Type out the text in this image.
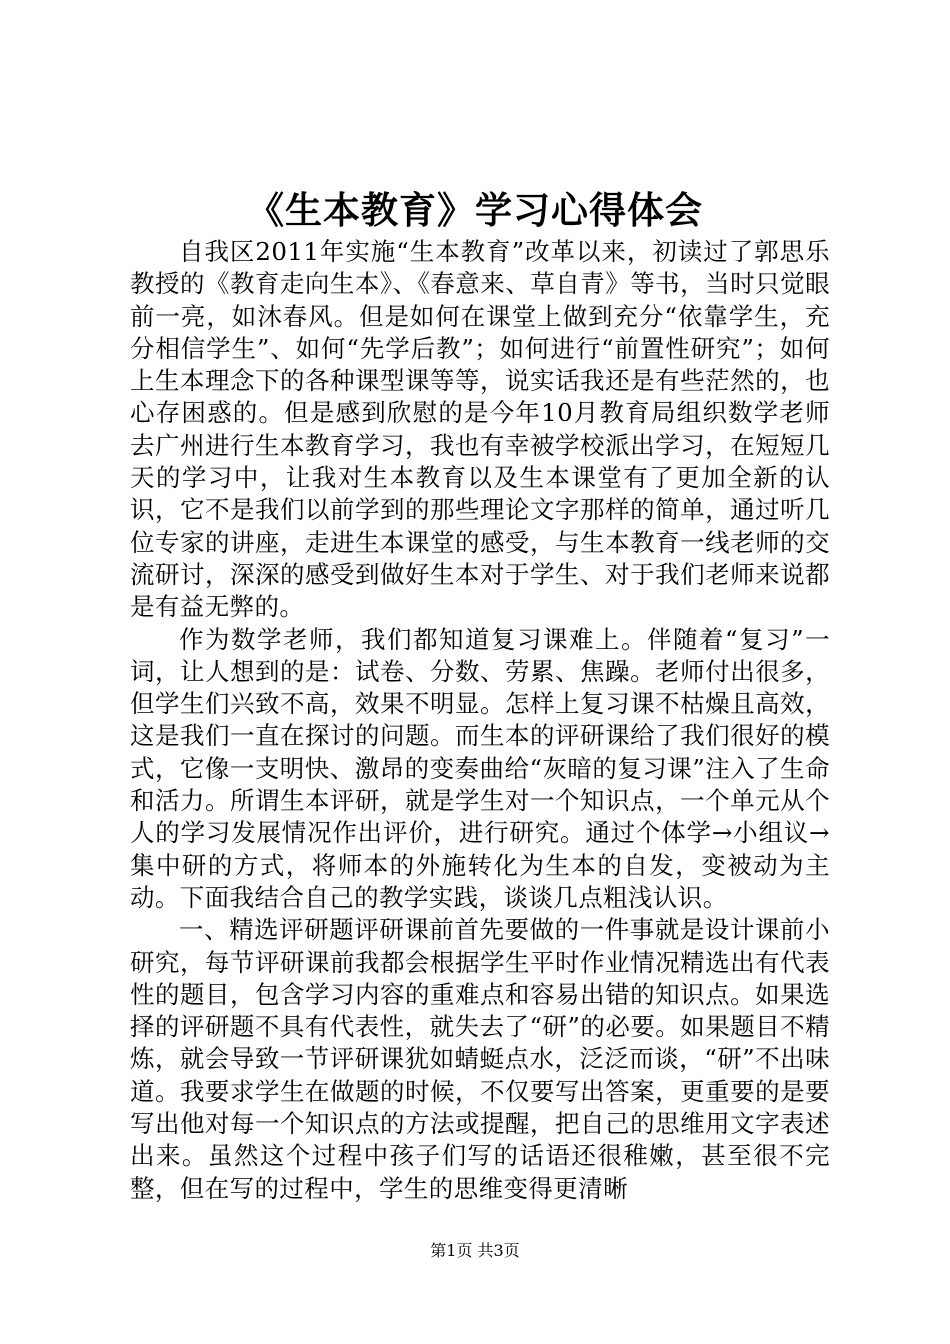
《生本教育》学习心得体会

自我区2011年实施“生本教育”改革以来，初读过了郭思乐教授的《教育走向生本》、《春意来、草自青》等书，当时只觉眼前一亮，如沐春风。但是如何在课堂上做到充分“依靠学生，充分相信学生”、如何“先学后教”；如何进行“前置性研究”；如何上生本理念下的各种课型课等等，说实话我还是有些茫然的，也心存困惑的。但是感到欣慰的是今年10月教育局组织数学老师去广州进行生本教育学习，我也有幸被学校派出学习，在短短几天的学习中，让我对生本教育以及生本课堂有了更加全新的认识，它不是我们以前学到的那些理论文字那样的简单，通过听几位专家的讲座，走进生本课堂的感受，与生本教育一线老师的交流研讨，深深的感受到做好生本对于学生、对于我们老师来说都是有益无弊的。

作为数学老师，我们都知道复习课难上。伴随着“复习”一词，让人想到的是：试卷、分数、劳累、焦躁。老师付出很多，但学生们兴致不高，效果不明显。怎样上复习课不枯燥且高效，这是我们一直在探讨的问题。而生本的评研课给了我们很好的模式，它像一支明快、激昂的变奏曲给“灰暗的复习课”注入了生命和活力。所谓生本评研，就是学生对一个知识点，一个单元从个人的学习发展情况作出评价，进行研究。通过个体学→小组议→集中研的方式，将师本的外施转化为生本的自发，变被动为主动。下面我结合自己的教学实践，谈谈几点粗浅认识。

一、精选评研题评研课前首先要做的一件事就是设计课前小研究，每节评研课前我都会根据学生平时作业情况精选出有代表性的题目，包含学习内容的重难点和容易出错的知识点。如果选择的评研题不具有代表性，就失去了“研”的必要。如果题目不精炼，就会导致一节评研课犹如蜻蜓点水，泛泛而谈，“研”不出味道。我要求学生在做题的时候，不仅要写出答案，更重要的是要写出他对每一个知识点的方法或提醒，把自己的思维用文字表述出来。虽然这个过程中孩子们写的话语还很稚嫩，甚至很不完整，但在写的过程中，学生的思维变得更清晰

第1页 共3页
